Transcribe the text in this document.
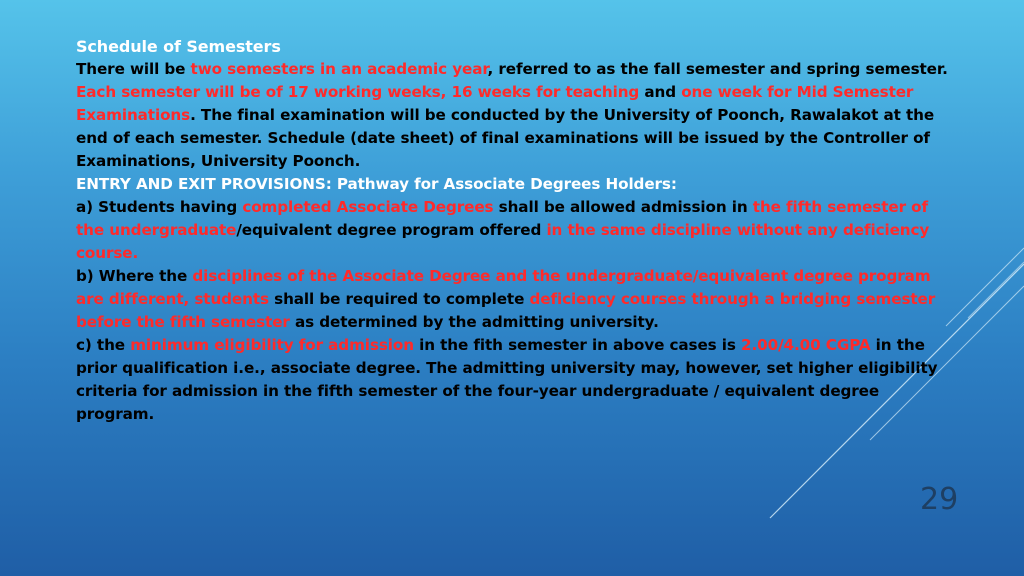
Schedule of Semesters

There will be two semesters in an academic year, referred to as the fall semester and spring semester. Each semester will be of 17 working weeks, 16 weeks for teaching and one week for Mid Semester Examinations. The final examination will be conducted by the University of Poonch, Rawalakot at the end of each semester. Schedule (date sheet) of final examinations will be issued by the Controller of Examinations, University Poonch.

ENTRY AND EXIT PROVISIONS: Pathway for Associate Degrees Holders:

a) Students having completed Associate Degrees shall be allowed admission in the fifth semester of the undergraduate/equivalent degree program offered in the same discipline without any deficiency course.

b) Where the disciplines of the Associate Degree and the undergraduate/equivalent degree program are different, students shall be required to complete deficiency courses through a bridging semester before the fifth semester as determined by the admitting university.

c) the minimum eligibility for admission in the fith semester in above cases is 2.00/4.00 CGPA in the prior qualification i.e., associate degree. The admitting university may, however, set higher eligibility criteria for admission in the fifth semester of the four-year undergraduate / equivalent degree program.

29
